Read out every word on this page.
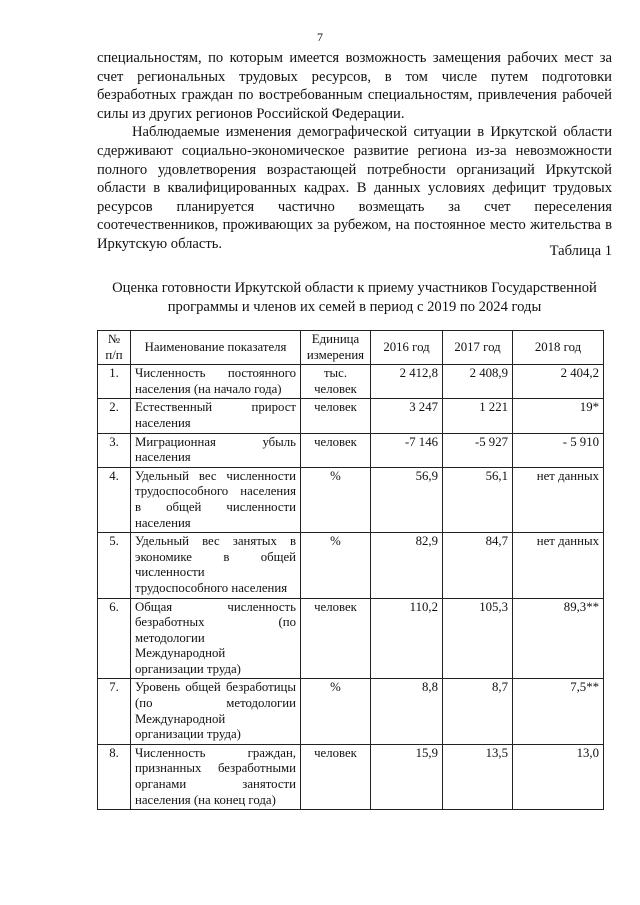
7

специальностям, по которым имеется возможность замещения рабочих мест за счет региональных трудовых ресурсов, в том числе путем подготовки безработных граждан по востребованным специальностям, привлечения рабочей силы из других регионов Российской Федерации.

Наблюдаемые изменения демографической ситуации в Иркутской области сдерживают социально-экономическое развитие региона из-за невозможности полного удовлетворения возрастающей потребности организаций Иркутской области в квалифицированных кадрах. В данных условиях дефицит трудовых ресурсов планируется частично возмещать за счет переселения соотечественников, проживающих за рубежом, на постоянное место жительства в Иркутскую область.	Таблица 1
Оценка готовности Иркутской области к приему участников Государственной программы и членов их семей в период с 2019 по 2024 годы
№ п/п	Наименование показателя	Единица измерения	2016 год	2017 год	2018 год
1.	Численность постоянного населения (на начало года)	тыс. человек	2 412,8	2 408,9	2 404,2
2.	Естественный прирост населения	человек	3 247	1 221	19*
3.	Миграционная убыль населения	человек	-7 146	-5 927	- 5 910
4.	Удельный вес численности трудоспособного населения в общей численности населения	%	56,9	56,1	нет данных
5.	Удельный вес занятых в экономике в общей численности трудоспособного населения	%	82,9	84,7	нет данных
6.	Общая численность безработных (по методологии Международной организации труда)	человек	110,2	105,3	89,3**
7.	Уровень общей безработицы (по методологии Международной организации труда)	%	8,8	8,7	7,5**
8.	Численность граждан, признанных безработными органами занятости населения (на конец года)	человек	15,9	13,5	13,0
